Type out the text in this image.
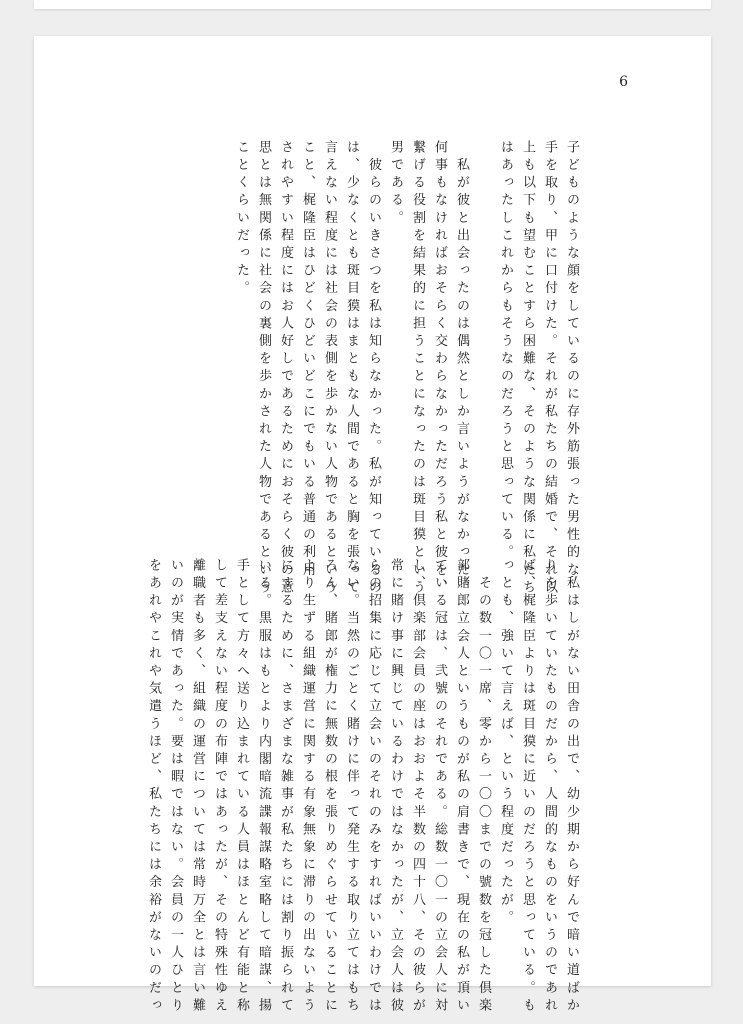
6
子どものような顔をしているのに存外筋張った男性的な
手を取り、甲に口付けた。それが私たちの結婚で、それ以
上も以下も望むことすら困難な、そのような関係に私たち
はあったしこれからもそうなのだろうと思っている。
　私が彼と出会ったのは偶然としか言いようがなかった。
何事もなければおそらく交わらなかっただろう私と彼を、
繋げる役割を結果的に担うことになったのは斑目獏という
男である。
　彼らのいきさつを私は知らなかった。私が知っているの
は、少なくとも斑目獏はまともな人間であると胸を張って
言えない程度には社会の表側を歩かない人物であるという
こと、梶隆臣はひどくひどいどこにでもいる普通の利用
されやすい程度にはお人好しであるためにおそらく彼の意
思とは無関係に社会の裏側を歩かされた人物であるという
ことくらいだった。
　私はしがない田舎の出で、幼少期から好んで暗い道ばか
りを歩いていたものだから、人間的なものをいうのであれ
ば、梶隆臣よりは斑目獏に近いのだろうと思っている。も
っとも、強いて言えば、という程度だったが。
　その数一〇一席、零から一〇〇までの號数を冠した倶楽
部賭郎立会人というものが私の肩書きで、現在の私が頂い
ている冠は、弐號のそれである。総数一〇一の立会人に対
し、倶楽部会員の座はおおよそ半数の四十八、その彼らが
常に賭け事に興じているわけではなかったが、立会人は彼
らの招集に応じて立会いのそれのみをすればいいわけでは
ない。当然のごとく賭けに伴って発生する取り立てはもち
ろん、賭郎が権力に無数の根を張りめぐらせていることに
より生ずる組織運営に関する有象無象に滞りの出ないよう
にするために、さまざまな雑事が私たちには割り振られて
いる。黒服はもとより内閣暗流諜報謀略室略して暗謀、揚
手として方々へ送り込まれている人員はほとんど有能と称
して差支えない程度の布陣ではあったが、その特殊性ゆえ
離職者も多く、組織の運営については常時万全とは言い難
いのが実情であった。要は暇ではない。会員の一人ひとり
をあれやこれや気遣うほど、私たちには余裕がないのだっ
